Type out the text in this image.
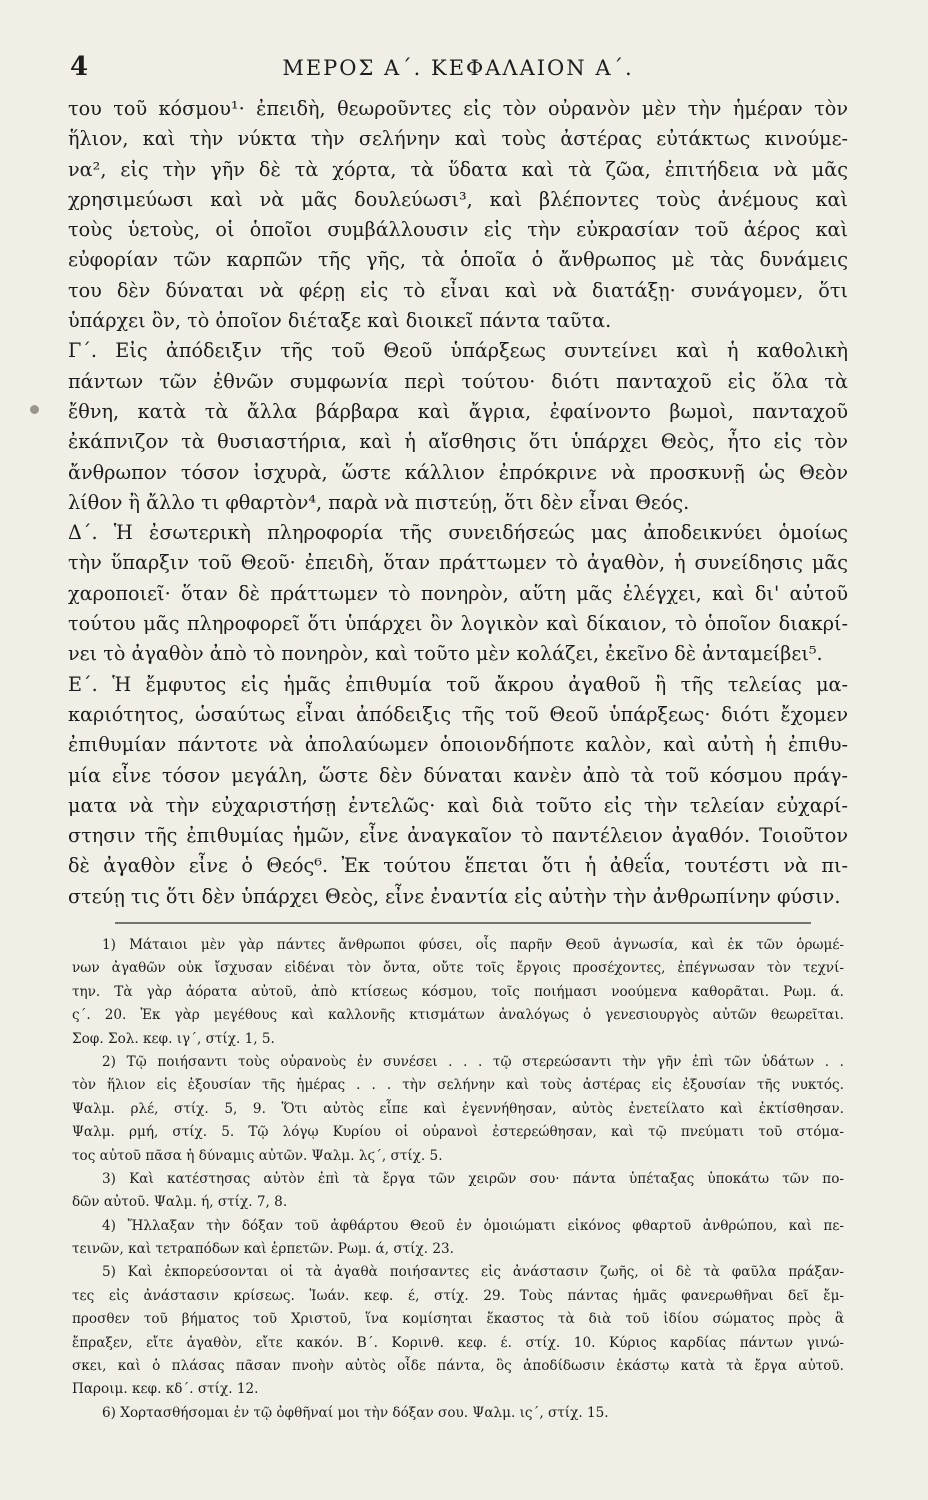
4	ΜΕΡΟΣ Α΄. ΚΕΦΑΛΑΙΟΝ Α΄.
του τοῦ κόσμου¹· ἐπειδὴ, θεωροῦντες εἰς τὸν οὐρανὸν μὲν τὴν ἡμέραν τὸν
ἥλιον, καὶ τὴν νύκτα τὴν σελήνην καὶ τοὺς ἀστέρας εὐτάκτως κινούμε-
να², εἰς τὴν γῆν δὲ τὰ χόρτα, τὰ ὕδατα καὶ τὰ ζῶα, ἐπιτήδεια νὰ μᾶς
χρησιμεύωσι καὶ νὰ μᾶς δουλεύωσι³, καὶ βλέποντες τοὺς ἀνέμους καὶ
τοὺς ὑετοὺς, οἱ ὁποῖοι συμβάλλουσιν εἰς τὴν εὐκρασίαν τοῦ ἀέρος καὶ
εὐφορίαν τῶν καρπῶν τῆς γῆς, τὰ ὁποῖα ὁ ἄνθρωπος μὲ τὰς δυνάμεις
του δὲν δύναται νὰ φέρῃ εἰς τὸ εἶναι καὶ νὰ διατάξῃ· συνάγομεν, ὅτι
ὑπάρχει ὂν, τὸ ὁποῖον διέταξε καὶ διοικεῖ πάντα ταῦτα.
Γ΄. Εἰς ἀπόδειξιν τῆς τοῦ Θεοῦ ὑπάρξεως συντείνει καὶ ἡ καθολικὴ
πάντων τῶν ἐθνῶν συμφωνία περὶ τούτου· διότι πανταχοῦ εἰς ὅλα τὰ
ἔθνη, κατὰ τὰ ἄλλα βάρβαρα καὶ ἄγρια, ἐφαίνοντο βωμοὶ, πανταχοῦ
ἐκάπνιζον τὰ θυσιαστήρια, καὶ ἡ αἴσθησις ὅτι ὑπάρχει Θεὸς, ἦτο εἰς τὸν
ἄνθρωπον τόσον ἰσχυρὰ, ὥστε κάλλιον ἐπρόκρινε νὰ προσκυνῇ ὡς Θεὸν
λίθον ἢ ἄλλο τι φθαρτὸν⁴, παρὰ νὰ πιστεύῃ, ὅτι δὲν εἶναι Θεός.
Δ΄. Ἡ ἐσωτερικὴ πληροφορία τῆς συνειδήσεώς μας ἀποδεικνύει ὁμοίως
τὴν ὕπαρξιν τοῦ Θεοῦ· ἐπειδὴ, ὅταν πράττωμεν τὸ ἀγαθὸν, ἡ συνείδησις μᾶς
χαροποιεῖ· ὅταν δὲ πράττωμεν τὸ πονηρὸν, αὕτη μᾶς ἐλέγχει, καὶ δι' αὐτοῦ
τούτου μᾶς πληροφορεῖ ὅτι ὑπάρχει ὂν λογικὸν καὶ δίκαιον, τὸ ὁποῖον διακρί-
νει τὸ ἀγαθὸν ἀπὸ τὸ πονηρὸν, καὶ τοῦτο μὲν κολάζει, ἐκεῖνο δὲ ἀνταμείβει⁵.
Ε΄. Ἡ ἔμφυτος εἰς ἡμᾶς ἐπιθυμία τοῦ ἄκρου ἀγαθοῦ ἢ τῆς τελείας μα-
καριότητος, ὡσαύτως εἶναι ἀπόδειξις τῆς τοῦ Θεοῦ ὑπάρξεως· διότι ἔχομεν
ἐπιθυμίαν πάντοτε νὰ ἀπολαύωμεν ὁποιονδήποτε καλὸν, καὶ αὐτὴ ἡ ἐπιθυ-
μία εἶνε τόσον μεγάλη, ὥστε δὲν δύναται κανὲν ἀπὸ τὰ τοῦ κόσμου πράγ-
ματα νὰ τὴν εὐχαριστήσῃ ἐντελῶς· καὶ διὰ τοῦτο εἰς τὴν τελείαν εὐχαρί-
στησιν τῆς ἐπιθυμίας ἡμῶν, εἶνε ἀναγκαῖον τὸ παντέλειον ἀγαθόν. Τοιοῦτον
δὲ ἀγαθὸν εἶνε ὁ Θεός⁶. Ἐκ τούτου ἕπεται ὅτι ἡ ἀθεΐα, τουτέστι νὰ πι-
στεύῃ τις ὅτι δὲν ὑπάρχει Θεὸς, εἶνε ἐναντία εἰς αὐτὴν τὴν ἀνθρωπίνην φύσιν.
1) Μάταιοι μὲν γὰρ πάντες ἄνθρωποι φύσει, οἷς παρῆν Θεοῦ ἀγνωσία, καὶ ἐκ τῶν ὁρωμέ-
νων ἀγαθῶν οὐκ ἴσχυσαν εἰδέναι τὸν ὄντα, οὔτε τοῖς ἔργοις προσέχοντες, ἐπέγνωσαν τὸν τεχνί-
την. Τὰ γὰρ ἀόρατα αὐτοῦ, ἀπὸ κτίσεως κόσμου, τοῖς ποιήμασι νοούμενα καθορᾶται. Ρωμ. ά.
ς΄. 20. Ἐκ γὰρ μεγέθους καὶ καλλονῆς κτισμάτων ἀναλόγως ὁ γενεσιουργὸς αὐτῶν θεωρεῖται.
Σοφ. Σολ. κεφ. ιγ΄, στίχ. 1, 5.
2) Τῷ ποιήσαντι τοὺς οὐρανοὺς ἐν συνέσει . . . τῷ στερεώσαντι τὴν γῆν ἐπὶ τῶν ὑδάτων . .
τὸν ἥλιον εἰς ἐξουσίαν τῆς ἡμέρας . . . τὴν σελήνην καὶ τοὺς ἀστέρας εἰς ἐξουσίαν τῆς νυκτός.
Ψαλμ. ρλέ, στίχ. 5, 9. Ὅτι αὐτὸς εἶπε καὶ ἐγεννήθησαν, αὐτὸς ἐνετείλατο καὶ ἐκτίσθησαν.
Ψαλμ. ρμή, στίχ. 5. Τῷ λόγῳ Κυρίου οἱ οὐρανοὶ ἐστερεώθησαν, καὶ τῷ πνεύματι τοῦ στόμα-
τος αὐτοῦ πᾶσα ἡ δύναμις αὐτῶν. Ψαλμ. λϛ΄, στίχ. 5.
3) Καὶ κατέστησας αὐτὸν ἐπὶ τὰ ἔργα τῶν χειρῶν σου· πάντα ὑπέταξας ὑποκάτω τῶν πο-
δῶν αὐτοῦ. Ψαλμ. ή, στίχ. 7, 8.
4) Ἤλλαξαν τὴν δόξαν τοῦ ἀφθάρτου Θεοῦ ἐν ὁμοιώματι εἰκόνος φθαρτοῦ ἀνθρώπου, καὶ πε-
τεινῶν, καὶ τετραπόδων καὶ ἑρπετῶν. Ρωμ. ά, στίχ. 23.
5) Καὶ ἐκπορεύσονται οἱ τὰ ἀγαθὰ ποιήσαντες εἰς ἀνάστασιν ζωῆς, οἱ δὲ τὰ φαῦλα πράξαν-
τες εἰς ἀνάστασιν κρίσεως. Ἰωάν. κεφ. έ, στίχ. 29. Τοὺς πάντας ἡμᾶς φανερωθῆναι δεῖ ἔμ-
προσθεν τοῦ βήματος τοῦ Χριστοῦ, ἵνα κομίσηται ἕκαστος τὰ διὰ τοῦ ἰδίου σώματος πρὸς ἃ
ἔπραξεν, εἴτε ἀγαθὸν, εἴτε κακόν. Β΄. Κορινθ. κεφ. έ. στίχ. 10. Κύριος καρδίας πάντων γινώ-
σκει, καὶ ὁ πλάσας πᾶσαν πνοὴν αὐτὸς οἶδε πάντα, ὃς ἀποδίδωσιν ἑκάστῳ κατὰ τὰ ἔργα αὐτοῦ.
Παροιμ. κεφ. κδ΄. στίχ. 12.
6) Χορτασθήσομαι ἐν τῷ ὀφθῆναί μοι τὴν δόξαν σου. Ψαλμ. ις΄, στίχ. 15.
